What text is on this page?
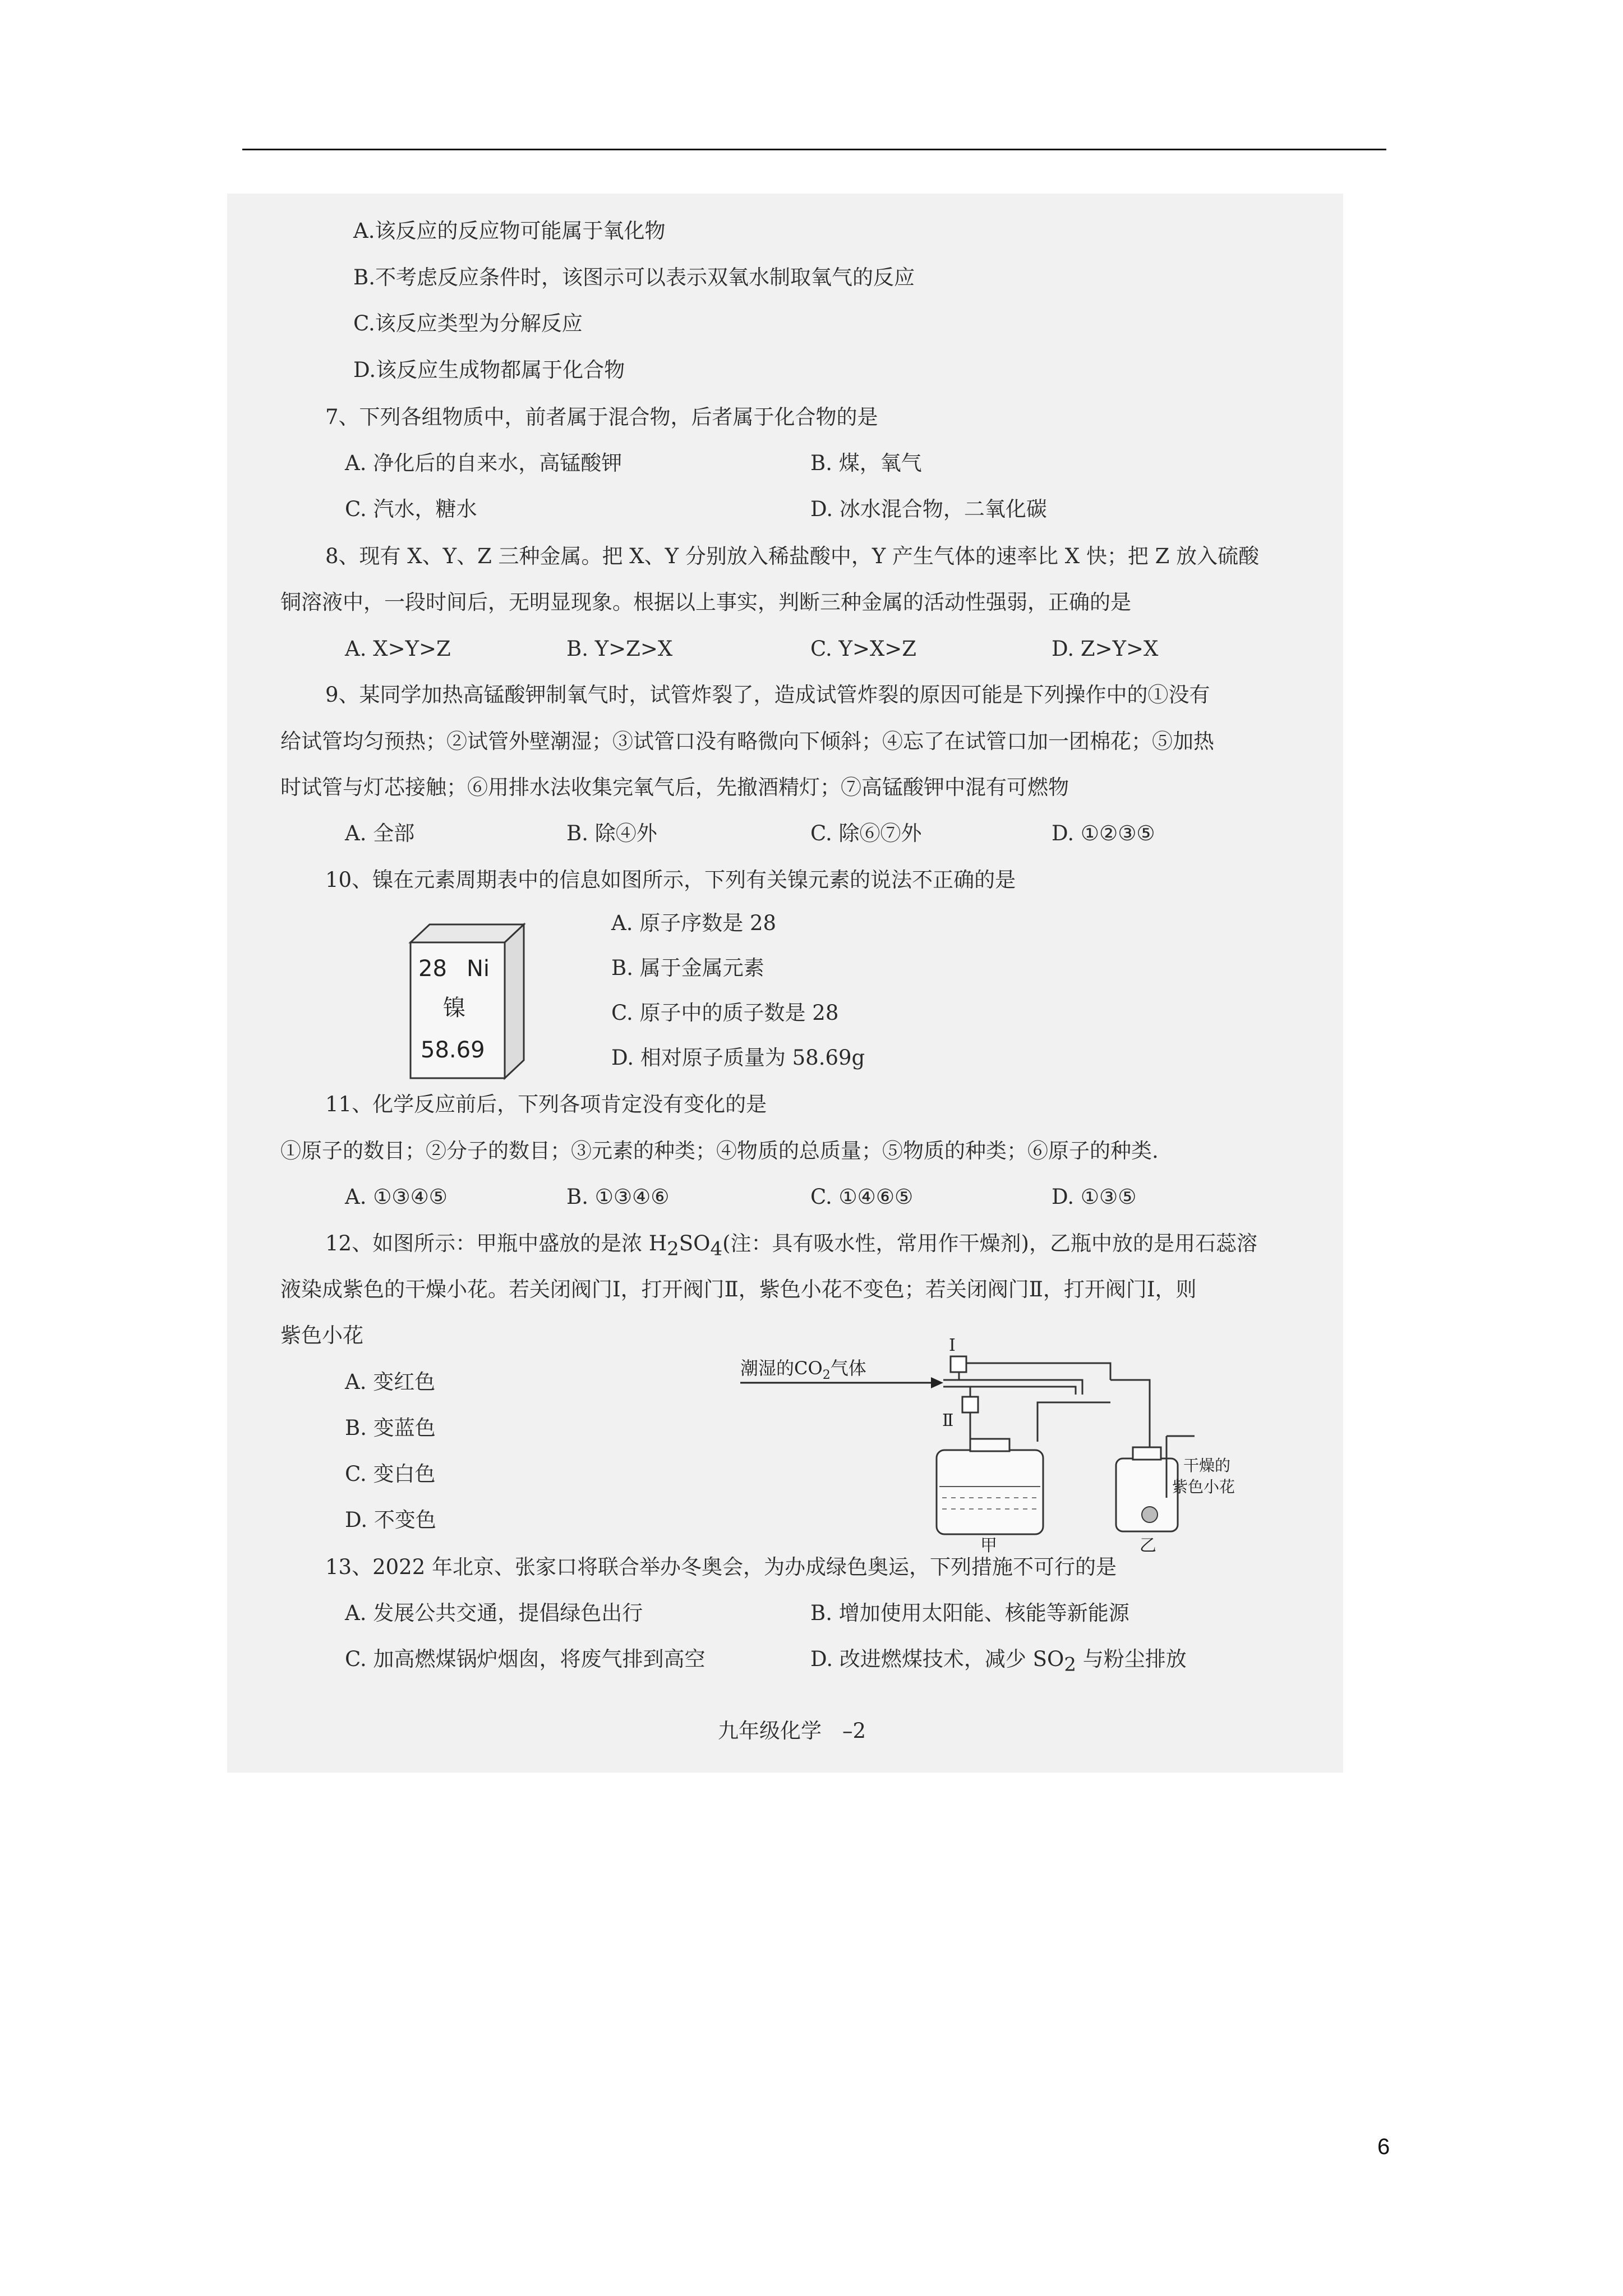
A.该反应的反应物可能属于氧化物
B.不考虑反应条件时，该图示可以表示双氧水制取氧气的反应
C.该反应类型为分解反应
D.该反应生成物都属于化合物
7、下列各组物质中，前者属于混合物，后者属于化合物的是
A. 净化后的自来水，高锰酸钾	B. 煤，氧气
C. 汽水，糖水	D. 冰水混合物，二氧化碳
8、现有 X、Y、Z 三种金属。把 X、Y 分别放入稀盐酸中，Y 产生气体的速率比 X 快；把 Z 放入硫酸
铜溶液中，一段时间后，无明显现象。根据以上事实，判断三种金属的活动性强弱，正确的是
A. X>Y>Z	B. Y>Z>X	C. Y>X>Z	D. Z>Y>X
9、某同学加热高锰酸钾制氧气时，试管炸裂了，造成试管炸裂的原因可能是下列操作中的①没有
给试管均匀预热；②试管外壁潮湿；③试管口没有略微向下倾斜；④忘了在试管口加一团棉花；⑤加热
时试管与灯芯接触；⑥用排水法收集完氧气后，先撤酒精灯；⑦高锰酸钾中混有可燃物
A. 全部	B. 除④外	C. 除⑥⑦外	D. ①②③⑤
10、镍在元素周期表中的信息如图所示，下列有关镍元素的说法不正确的是
28 Ni
镍
58.69
A. 原子序数是 28
B. 属于金属元素
C. 原子中的质子数是 28
D. 相对原子质量为 58.69g
11、化学反应前后，下列各项肯定没有变化的是
①原子的数目；②分子的数目；③元素的种类；④物质的总质量；⑤物质的种类；⑥原子的种类.
A. ①③④⑤	B. ①③④⑥	C. ①④⑥⑤	D. ①③⑤
12、如图所示：甲瓶中盛放的是浓 $H_2SO_4$(注：具有吸水性，常用作干燥剂)，乙瓶中放的是用石蕊溶
液染成紫色的干燥小花。若关闭阀门Ⅰ，打开阀门Ⅱ，紫色小花不变色；若关闭阀门Ⅱ，打开阀门Ⅰ，则
紫色小花
A. 变红色
B. 变蓝色
C. 变白色
D. 不变色
潮湿的$CO_2$气体
Ⅰ
Ⅱ
甲	乙
干燥的
紫色小花
13、2022 年北京、张家口将联合举办冬奥会，为办成绿色奥运，下列措施不可行的是
A. 发展公共交通，提倡绿色出行	B. 增加使用太阳能、核能等新能源
C. 加高燃煤锅炉烟囱，将废气排到高空	D. 改进燃煤技术，减少 $SO_2$ 与粉尘排放
九年级化学　–2
6
